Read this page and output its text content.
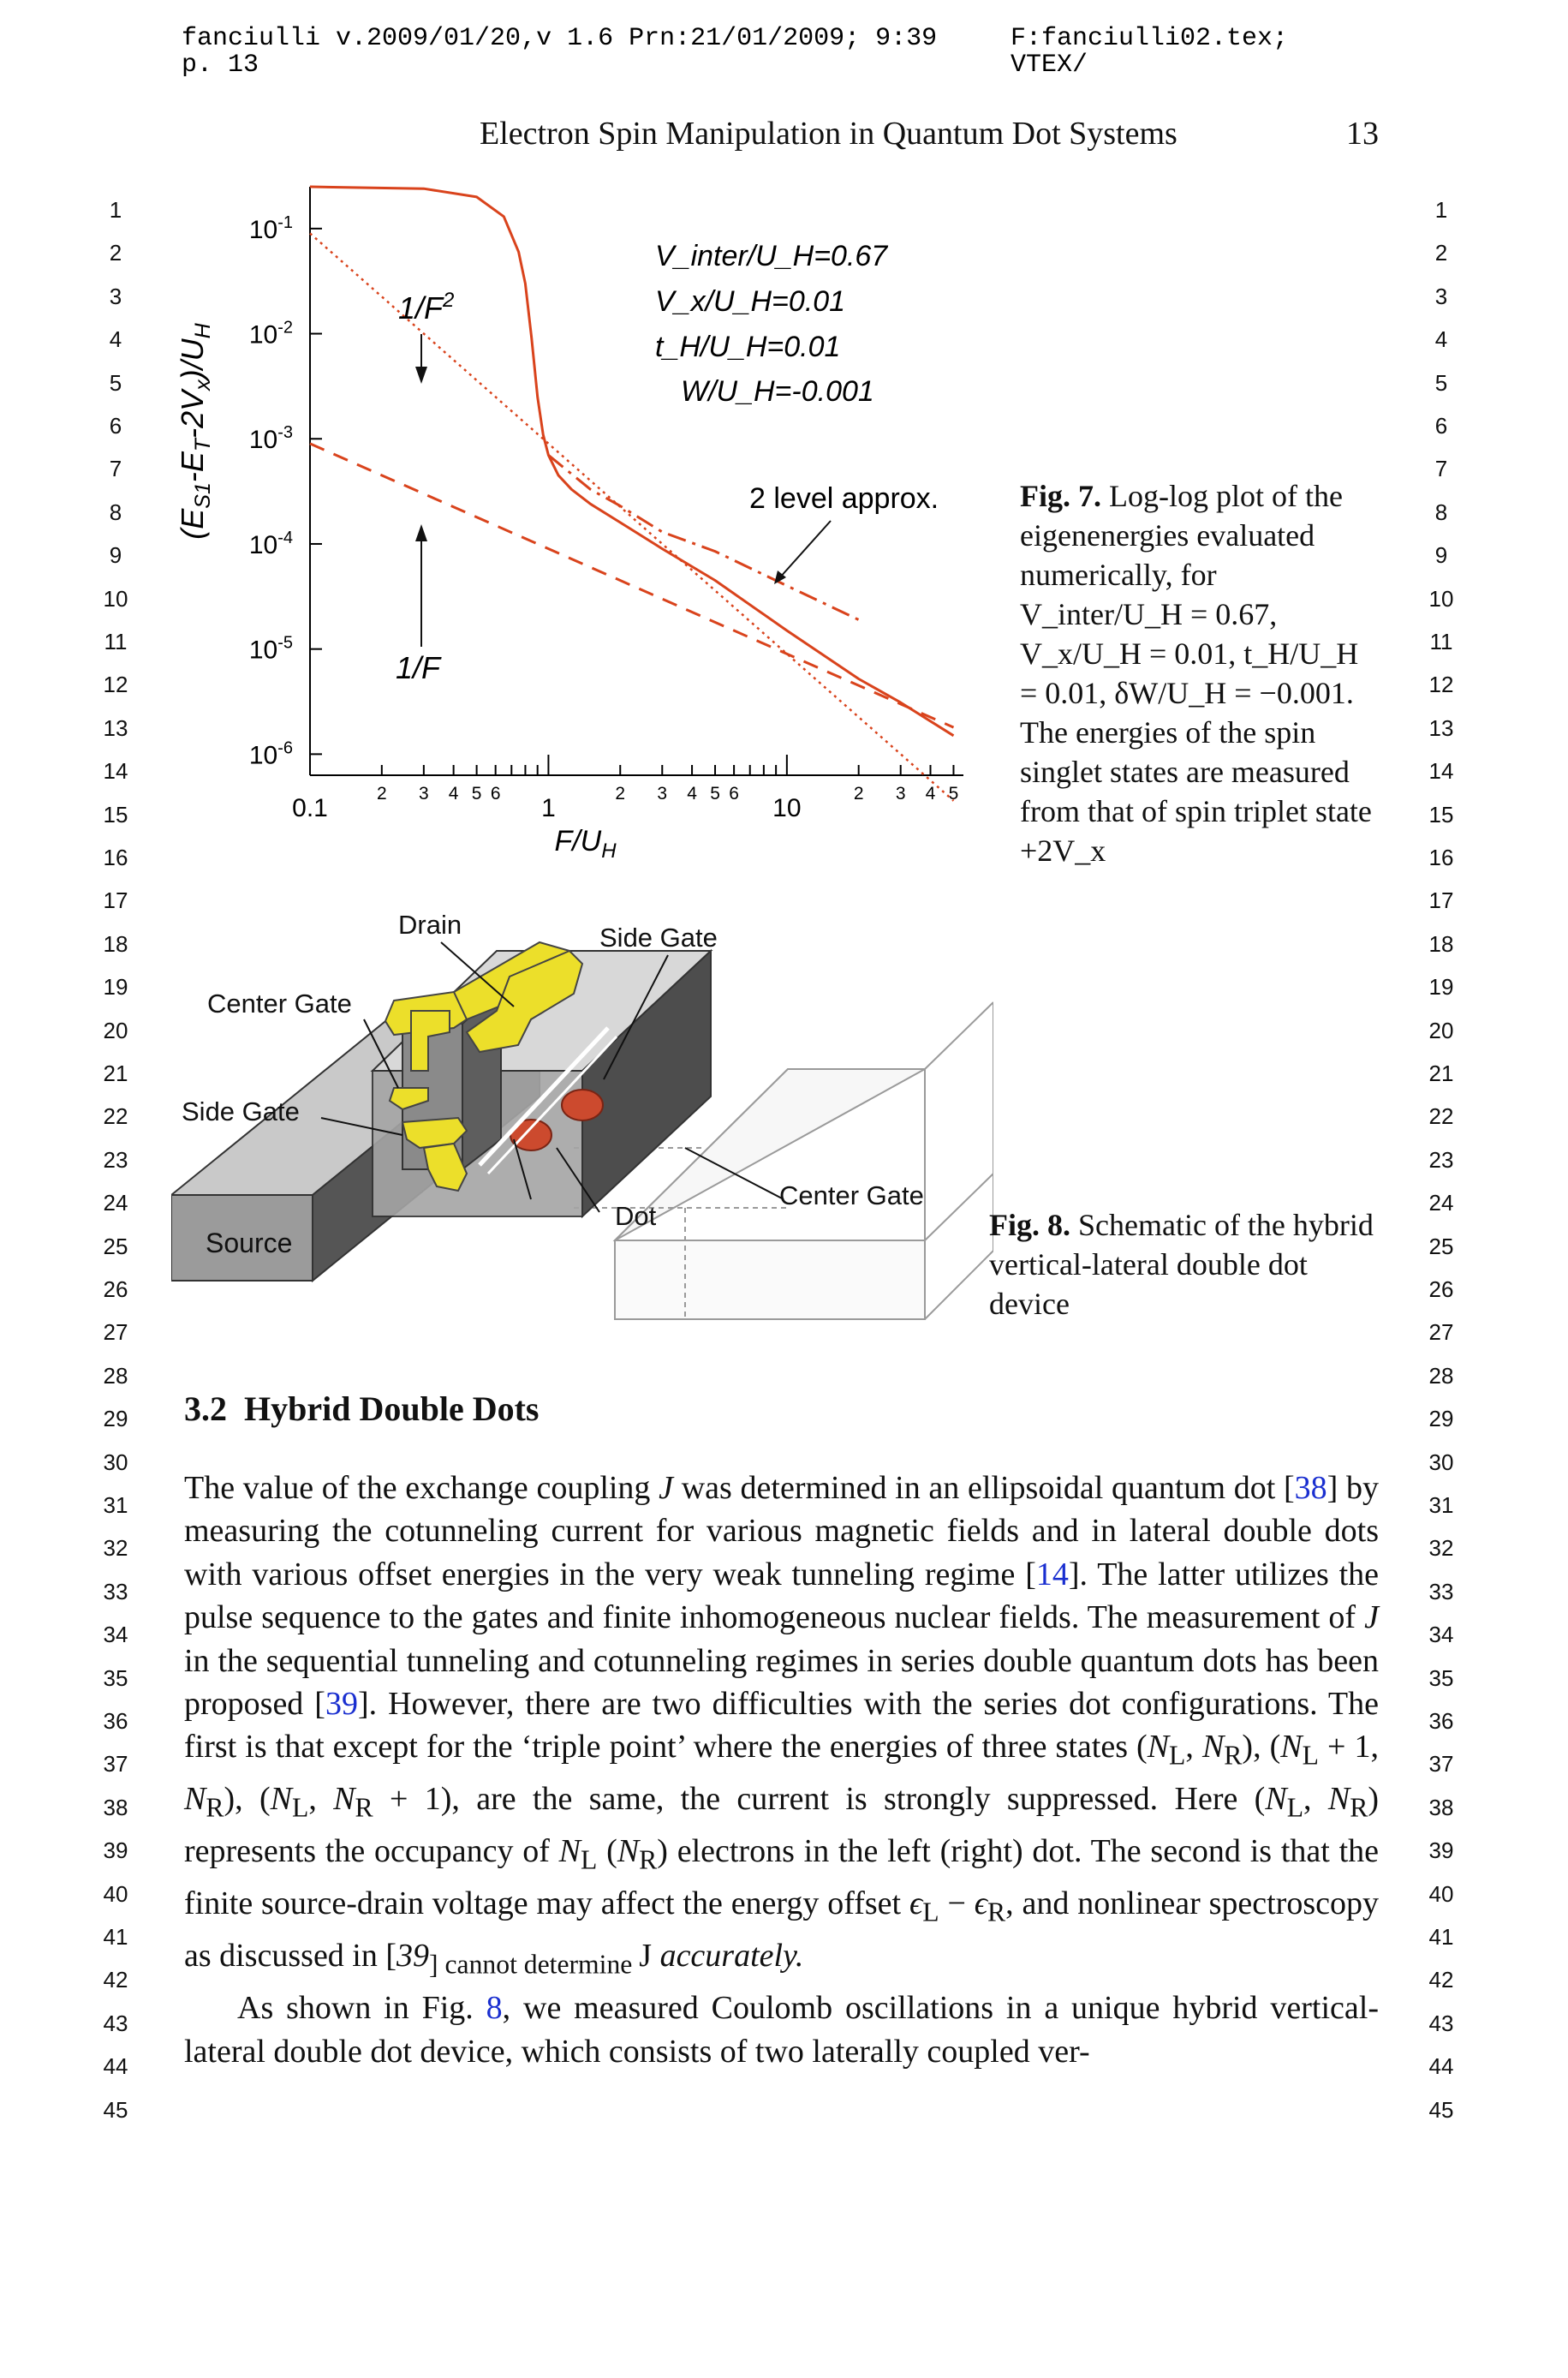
fanciulli v.2009/01/20,v 1.6 Prn:21/01/2009; 9:39	F:fanciulli02.tex; VTEX/
p. 13
Electron Spin Manipulation in Quantum Dot Systems	13
1	1
2	2
3	3
4	4
5	5
6	6
7	7
8	8
9	9
10	10
11	11
12	12
13	13
14	14
15	15
16	16
17	17
18	18
19	19
20	20
21	21
22	22
23	23
24	24
25	25
26	26
27	27
28	28
29	29
30	30
31	31
32	32
33	33
34	34
35	35
36	36
37	37
38	38
39	39
40	40
41	41
42	42
43	43
44	44
45	45
$10^{-1}$
$10^{-2}$
$10^{-3}$
$10^{-4}$
$10^{-5}$
$10^{-6}$
0.1	1	10
2 3 4 5 6	2 3 4 5 6	2 3 4 5
$F/U_H$
$(E_{S1}-E_T-2V_x)/U_H$
V_inter/U_H=0.67
V_x/U_H=0.01
t_H/U_H=0.01
W/U_H=-0.001
2 level approx.
$1/F^2$
1/F
Fig. 7. Log-log plot of the eigenenergies evaluated numerically, for V_inter/U_H = 0.67, V_x/U_H = 0.01, t_H/U_H = 0.01, δW/U_H = −0.001. The energies of the spin singlet states are measured from that of spin triplet state +2V_x
Drain	Side Gate
Center Gate
Side Gate
Dot
Center Gate
Source
Fig. 8. Schematic of the hybrid vertical-lateral double dot device
3.2 Hybrid Double Dots

The value of the exchange coupling J was determined in an ellipsoidal quantum dot [38] by measuring the cotunneling current for various magnetic fields and in lateral double dots with various offset energies in the very weak tunneling regime [14]. The latter utilizes the pulse sequence to the gates and finite inhomogeneous nuclear fields. The measurement of J in the sequential tunneling and cotunneling regimes in series double quantum dots has been proposed [39]. However, there are two difficulties with the series dot configurations. The first is that except for the ‘triple point’ where the energies of three states ($N_L$, $N_R$), ($N_L + 1$, $N_R$), ($N_L$, $N_R + 1$), are the same, the current is strongly suppressed. Here ($N_L$, $N_R$) represents the occupancy of $N_L$ $(N_R)$ electrons in the left (right) dot. The second is that the finite source-drain voltage may affect the energy offset $\epsilon_L - \epsilon_R$, and nonlinear spectroscopy as discussed in [$39_{] cannot determine}$ J accurately.

As shown in Fig. 8, we measured Coulomb oscillations in a unique hybrid vertical-lateral double dot device, which consists of two laterally coupled ver-
